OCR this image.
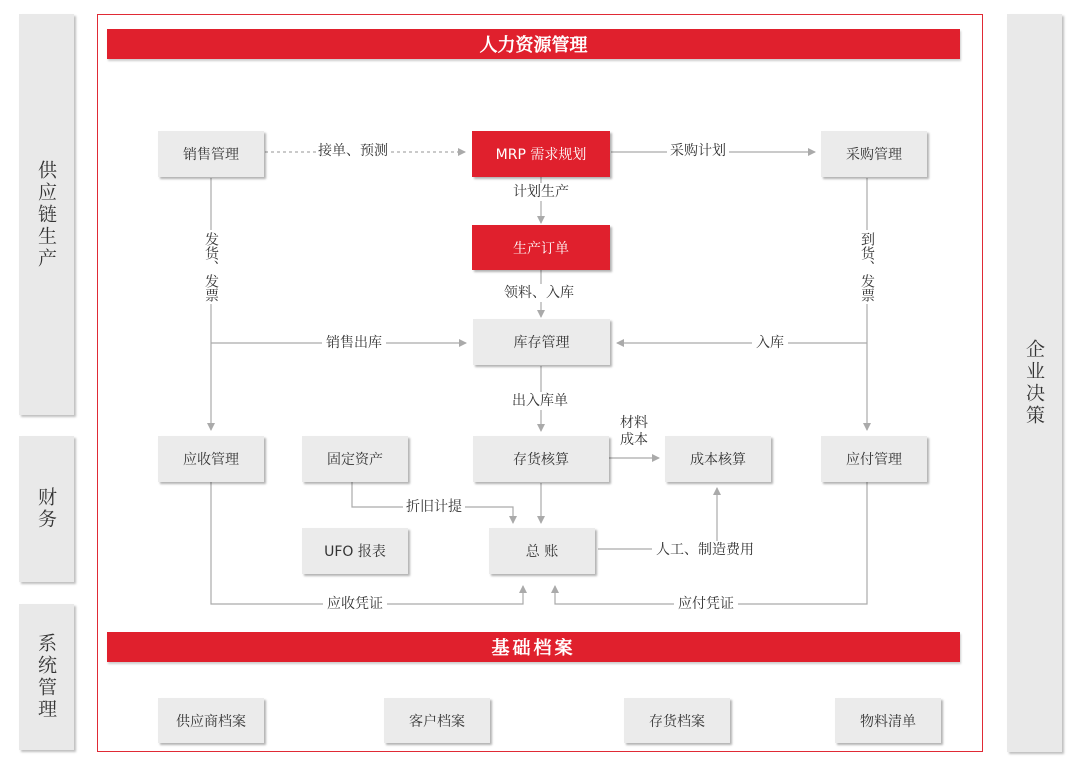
供应链生产
财务
系统管理
企业决策
人力资源管理
基础档案
销售管理	MRP 需求规划	采购管理
生产订单
库存管理
应收管理	固定资产	存货核算	成本核算	应付管理
UFO 报表	总 账
供应商档案	客户档案	存货档案	物料清单
接单、预测	采购计划
计划生产
领料、入库
发货、发票	到货、发票
销售出库	入库
出入库单
材料
成本
折旧计提
人工、制造费用
应收凭证	应付凭证
